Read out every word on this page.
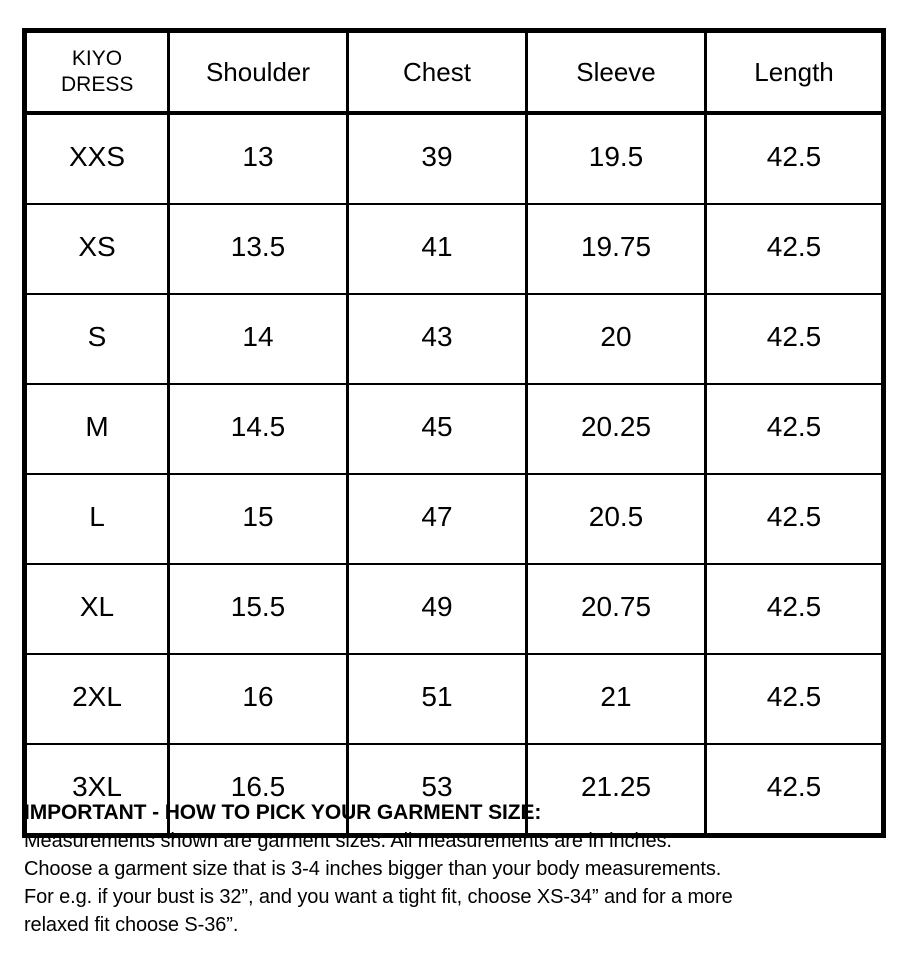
KIYO DRESS	Shoulder	Chest	Sleeve	Length
XXS	13	39	19.5	42.5
XS	13.5	41	19.75	42.5
S	14	43	20	42.5
M	14.5	45	20.25	42.5
L	15	47	20.5	42.5
XL	15.5	49	20.75	42.5
2XL	16	51	21	42.5
3XL	16.5	53	21.25	42.5
IMPORTANT - HOW TO PICK YOUR GARMENT SIZE:
Measurements shown are garment sizes. All measurements are in inches.
Choose a garment size that is 3-4 inches bigger than your body measurements.
For e.g. if your bust is 32”, and you want a tight fit, choose XS-34” and for a more
relaxed fit choose S-36”.
